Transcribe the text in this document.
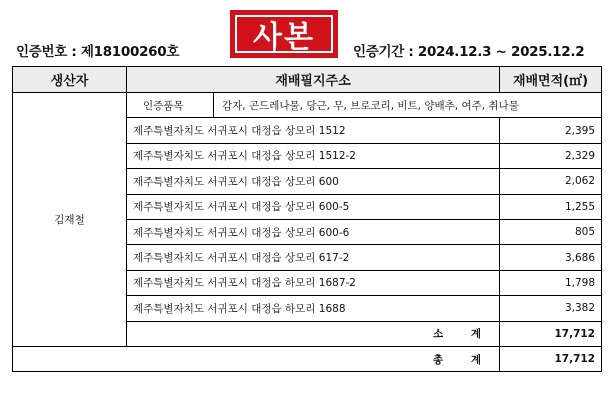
인증번호 : 제18100260호	사본	인증기간 : 2024.12.3 ~ 2025.12.2
생산자	재배필지주소	재배면적(㎡)
김재철	인증품목 감자, 곤드레나물, 당근, 무, 브로코리, 비트, 양배추, 여주, 취나물	

	제주특별자치도 서귀포시 대정읍 상모리 1512	2,395
	제주특별자치도 서귀포시 대정읍 상모리 1512-2	2,329
	제주특별자치도 서귀포시 대정읍 상모리 600	2,062
	제주특별자치도 서귀포시 대정읍 상모리 600-5	1,255
	제주특별자치도 서귀포시 대정읍 상모리 600-6	805
	제주특별자치도 서귀포시 대정읍 상모리 617-2	3,686
	제주특별자치도 서귀포시 대정읍 하모리 1687-2	1,798
	제주특별자치도 서귀포시 대정읍 하모리 1688	3,382
	소 계	17,712
총 계		17,712
